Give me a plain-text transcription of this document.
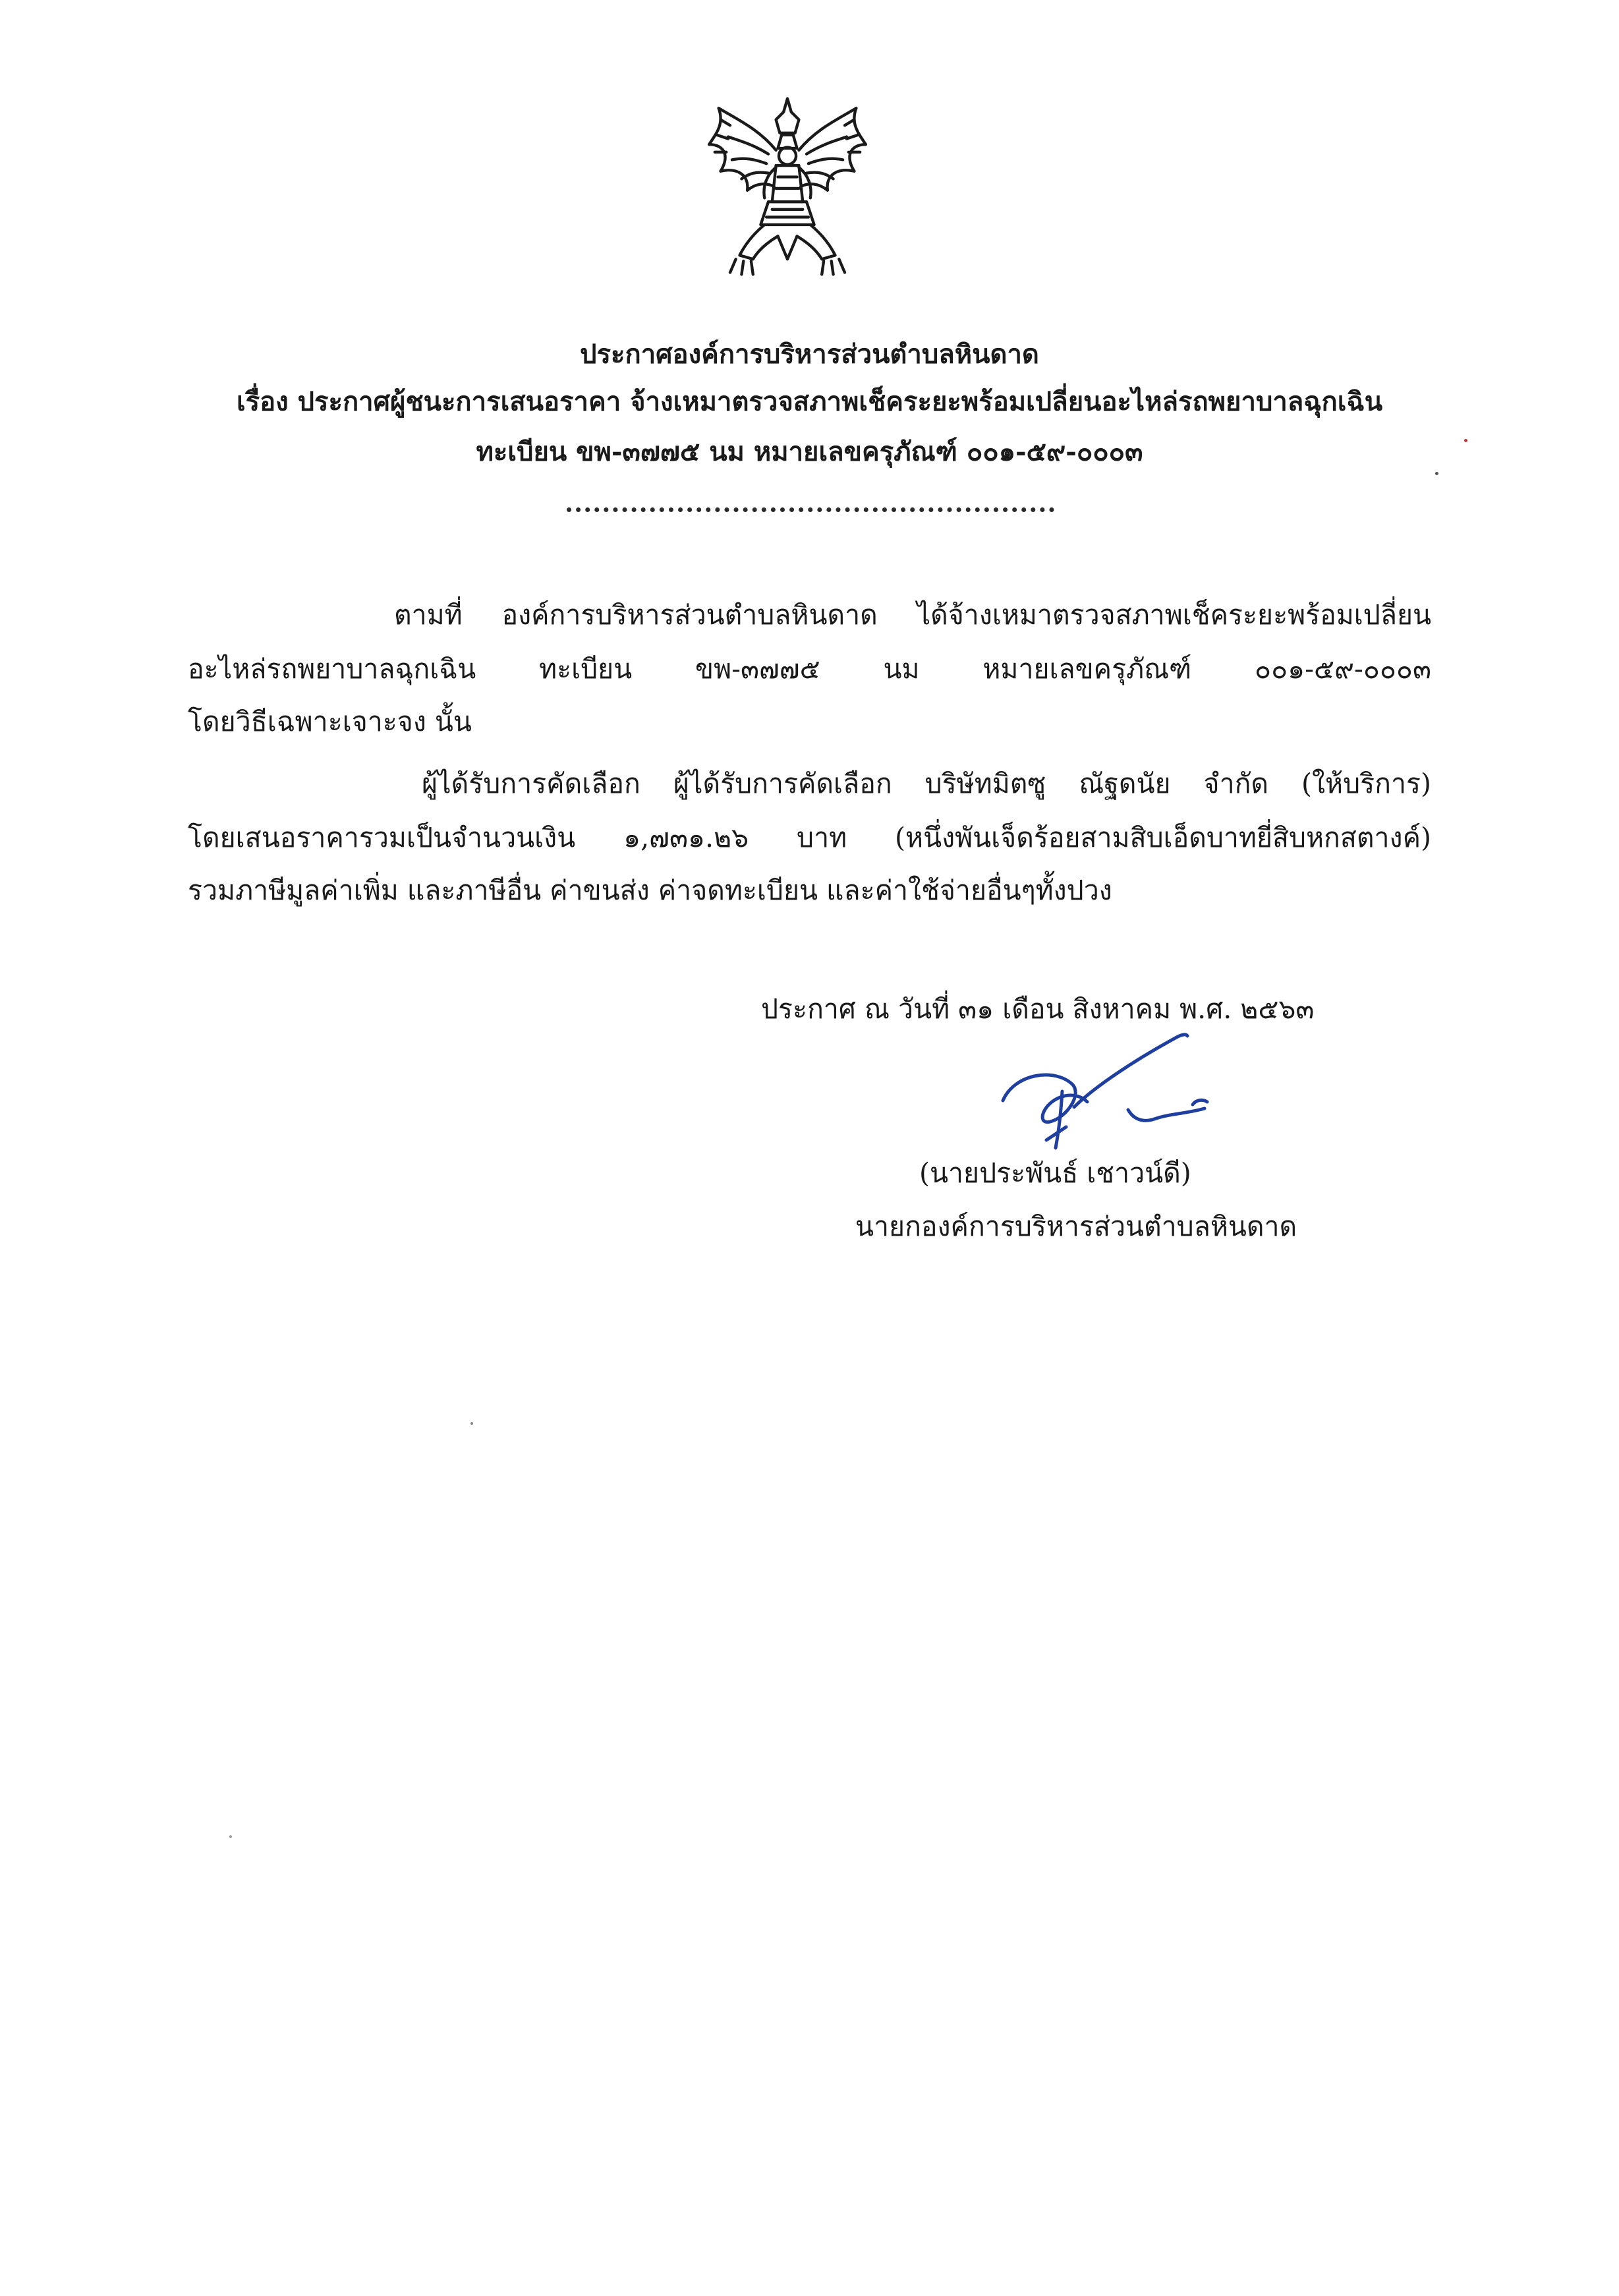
ประกาศองค์การบริหารส่วนตำบลหินดาด
เรื่อง ประกาศผู้ชนะการเสนอราคา จ้างเหมาตรวจสภาพเช็คระยะพร้อมเปลี่ยนอะไหล่รถพยาบาลฉุกเฉิน
ทะเบียน ขพ-๓๗๗๕ นม หมายเลขครุภัณฑ์ ๐๐๑-๕๙-๐๐๐๓
ตามที่ องค์การบริหารส่วนตำบลหินดาด ได้จ้างเหมาตรวจสภาพเช็คระยะพร้อมเปลี่ยน
อะไหล่รถพยาบาลฉุกเฉิน ทะเบียน ขพ-๓๗๗๕ นม หมายเลขครุภัณฑ์ ๐๐๑-๕๙-๐๐๐๓
โดยวิธีเฉพาะเจาะจง นั้น
ผู้ได้รับการคัดเลือก ผู้ได้รับการคัดเลือก บริษัทมิตซู ณัฐดนัย จำกัด (ให้บริการ)
โดยเสนอราคารวมเป็นจำนวนเงิน ๑,๗๓๑.๒๖ บาท (หนึ่งพันเจ็ดร้อยสามสิบเอ็ดบาทยี่สิบหกสตางค์)
รวมภาษีมูลค่าเพิ่ม และภาษีอื่น ค่าขนส่ง ค่าจดทะเบียน และค่าใช้จ่ายอื่นๆทั้งปวง
ประกาศ ณ วันที่ ๓๑ เดือน สิงหาคม พ.ศ. ๒๕๖๓
(นายประพันธ์ เชาวน์ดี)
นายกองค์การบริหารส่วนตำบลหินดาด
